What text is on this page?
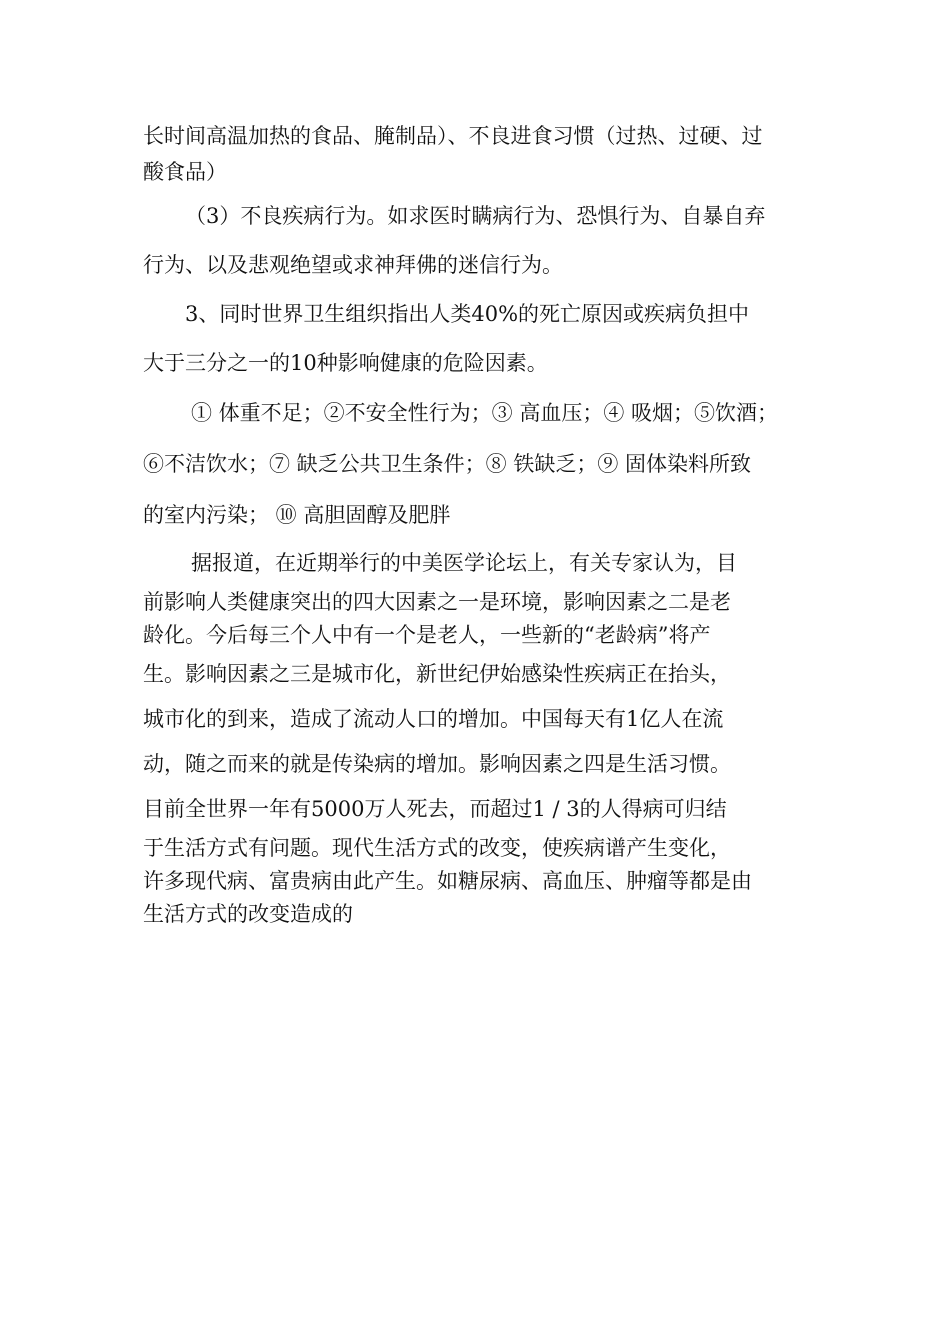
长时间高温加热的食品、腌制品）、不良进食习惯（过热、过硬、过
酸食品）
（3）不良疾病行为。如求医时瞒病行为、恐惧行为、自暴自弃
行为、以及悲观绝望或求神拜佛的迷信行为。
3、同时世界卫生组织指出人类40%的死亡原因或疾病负担中
大于三分之一的10种影响健康的危险因素。
① 体重不足；②不安全性行为；③ 高血压；④ 吸烟；⑤饮酒；
⑥不洁饮水；⑦ 缺乏公共卫生条件；⑧ 铁缺乏；⑨ 固体染料所致
的室内污染； ⑩ 高胆固醇及肥胖
据报道，在近期举行的中美医学论坛上，有关专家认为，目
前影响人类健康突出的四大因素之一是环境，影响因素之二是老
龄化。今后每三个人中有一个是老人，一些新的“老龄病”将产
生。影响因素之三是城市化，新世纪伊始感染性疾病正在抬头，
城市化的到来，造成了流动人口的增加。中国每天有1亿人在流
动，随之而来的就是传染病的增加。影响因素之四是生活习惯。
目前全世界一年有5000万人死去，而超过1 / 3的人得病可归结
于生活方式有问题。现代生活方式的改变，使疾病谱产生变化，
许多现代病、富贵病由此产生。如糖尿病、高血压、肿瘤等都是由
生活方式的改变造成的
